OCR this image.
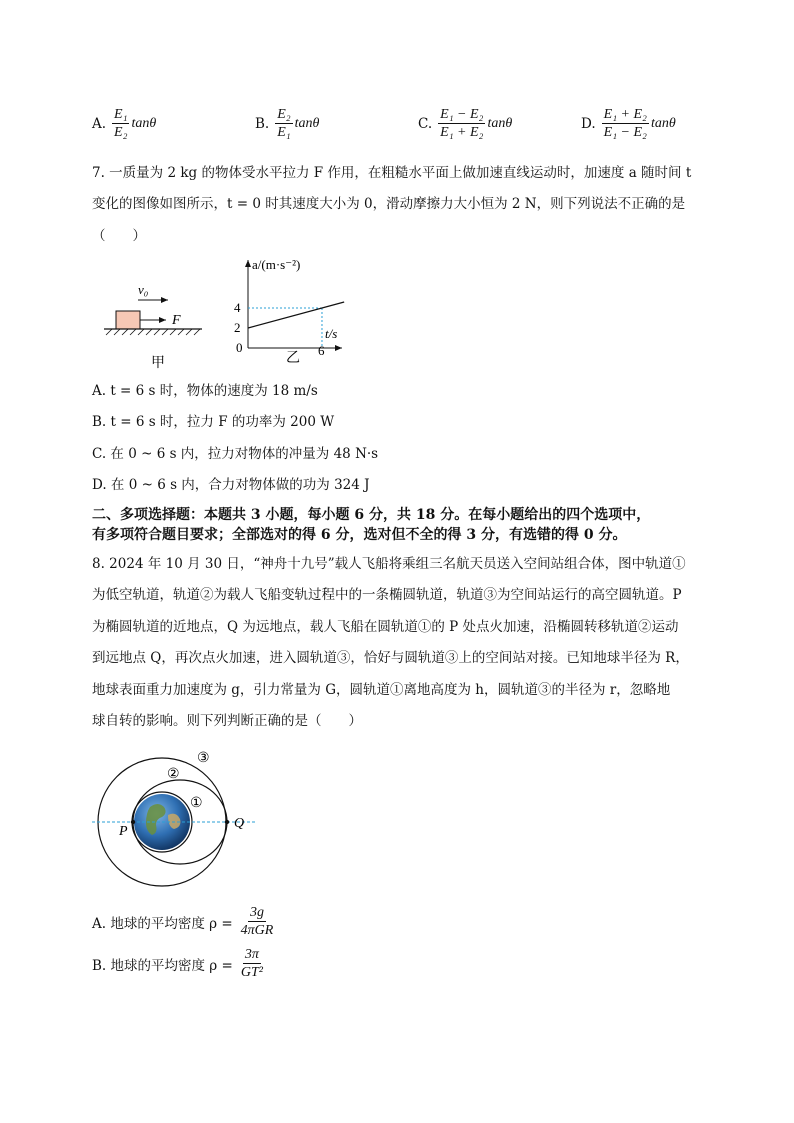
A. $\frac{\text{E₁}}{\text{E₂}}$ tanθ	B. $\frac{\text{E₂}}{\text{E₁}}$ tanθ	C. $\frac{\text{E₁ − E₂}}{\text{E₁ + E₂}}$ tanθ	D. $\frac{\text{E₁ + E₂}}{\text{E₁ − E₂}}$ tanθ
7. 一质量为 2 kg 的物体受水平拉力 F 作用，在粗糙水平面上做加速直线运动时，加速度 a 随时间 t
变化的图像如图所示，t = 0 时其速度大小为 0，滑动摩擦力大小恒为 2 N，则下列说法不正确的是
（　　）
v₀
F
甲
a/(m·s⁻²)
t/s
0
4
2
6
乙
A. t = 6 s 时，物体的速度为 18 m/s
B. t = 6 s 时，拉力 F 的功率为 200 W
C. 在 0 ~ 6 s 内，拉力对物体的冲量为 48 N·s
D. 在 0 ~ 6 s 内，合力对物体做的功为 324 J
二、多项选择题：本题共 3 小题，每小题 6 分，共 18 分。在每小题给出的四个选项中，
有多项符合题目要求；全部选对的得 6 分，选对但不全的得 3 分，有选错的得 0 分。
8. 2024 年 10 月 30 日，“神舟十九号”载人飞船将乘组三名航天员送入空间站组合体，图中轨道①
为低空轨道，轨道②为载人飞船变轨过程中的一条椭圆轨道，轨道③为空间站运行的高空圆轨道。P
为椭圆轨道的近地点，Q 为远地点，载人飞船在圆轨道①的 P 处点火加速，沿椭圆转移轨道②运动
到远地点 Q，再次点火加速，进入圆轨道③，恰好与圆轨道③上的空间站对接。已知地球半径为 R，
地球表面重力加速度为 g，引力常量为 G，圆轨道①离地高度为 h，圆轨道③的半径为 r，忽略地
球自转的影响。则下列判断正确的是（　　）
P
Q
①
②
③
A. 地球的平均密度 $\rho = \frac{3g}{\text{4πGR}}$
B. 地球的平均密度 $\rho = \frac{3\pi}{\text{GT²}}$
